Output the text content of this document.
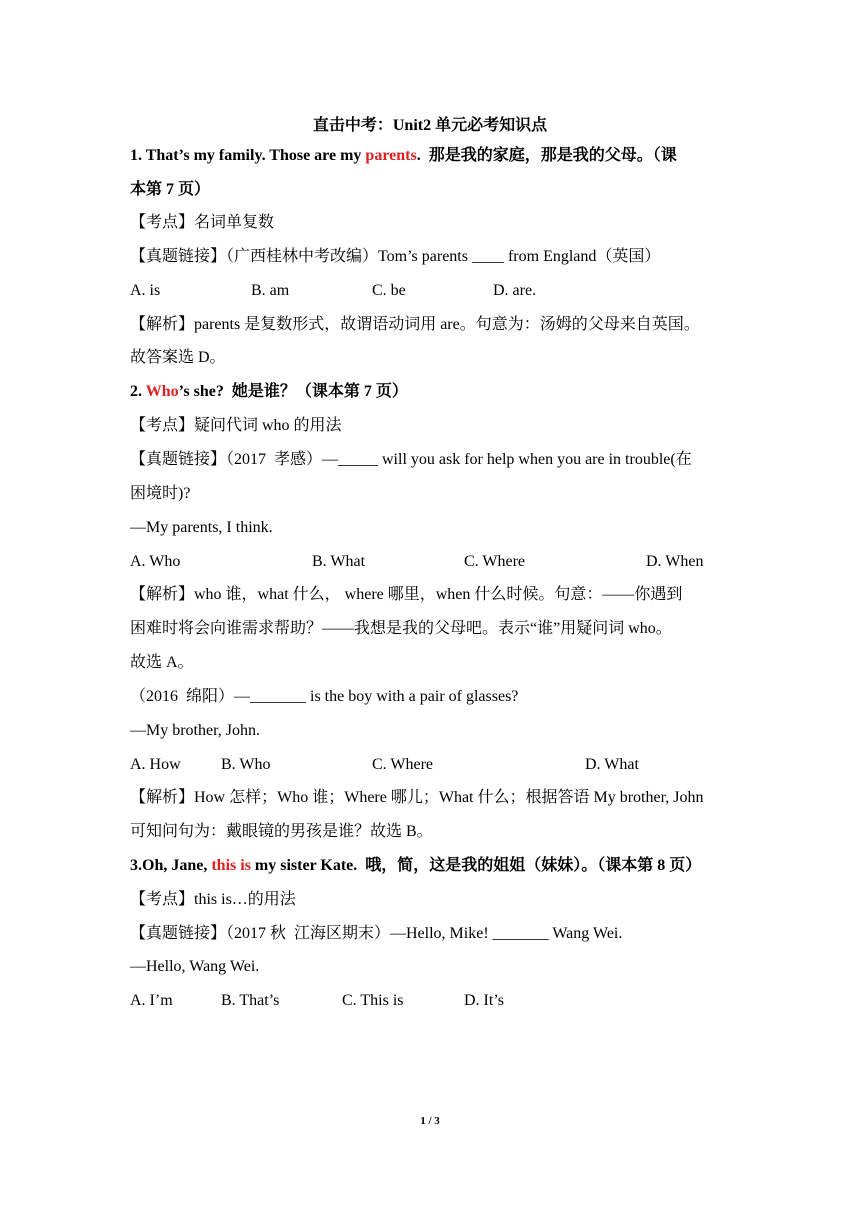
直击中考：Unit2 单元必考知识点
1. That’s my family. Those are my parents.  那是我的家庭，那是我的父母。（课
本第 7 页）
【考点】名词单复数
【真题链接】（广西桂林中考改编）Tom’s parents ____ from England（英国）
A. is	B. am	C. be	D. are.
【解析】parents 是复数形式，故谓语动词用 are。句意为：汤姆的父母来自英国。
故答案选 D。
2. Who’s she?  她是谁？（课本第 7 页）
【考点】疑问代词 who 的用法
【真题链接】（2017  孝感）—_____ will you ask for help when you are in trouble(在
困境时)?
—My parents, I think.
A. Who	B. What	C. Where	D. When
【解析】who 谁，what 什么， where 哪里，when 什么时候。句意：——你遇到
困难时将会向谁需求帮助？——我想是我的父母吧。表示“谁”用疑问词 who。
故选 A。
（2016  绵阳）—_______ is the boy with a pair of glasses?
—My brother, John.
A. How	B. Who	C. Where	D. What
【解析】How 怎样；Who 谁；Where 哪儿；What 什么；根据答语 My brother, John
可知问句为：戴眼镜的男孩是谁？故选 B。
3.Oh, Jane, this is my sister Kate.  哦，简，这是我的姐姐（妹妹）。（课本第 8 页）
【考点】this is…的用法
【真题链接】（2017 秋  江海区期末）—Hello, Mike! _______ Wang Wei.
—Hello, Wang Wei.
A. I’m	B. That’s	C. This is	D. It’s
1 / 3
